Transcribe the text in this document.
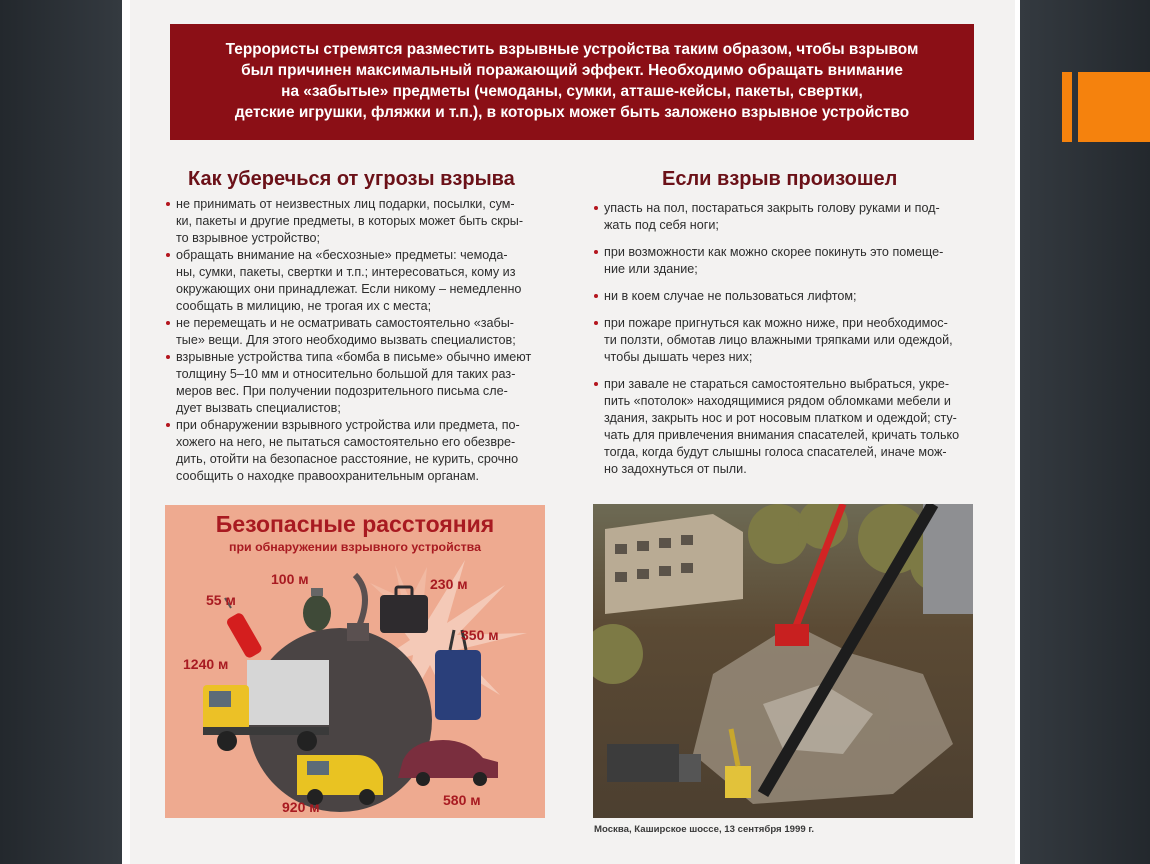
Террористы стремятся разместить взрывные устройства таким образом, чтобы взрывом
был причинен максимальный поражающий эффект. Необходимо обращать внимание
на «забытые» предметы (чемоданы, сумки, атташе-кейсы, пакеты, свертки,
детские игрушки, фляжки и т.п.), в которых может быть заложено взрывное устройство
Как уберечься от угрозы взрыва	Если взрыв произошел
не принимать от неизвестных лиц подарки, посылки, сум-
ки, пакеты и другие предметы, в которых может быть скры-
то взрывное устройство;
обращать внимание на «бесхозные» предметы: чемода-
ны, сумки, пакеты, свертки и т.п.; интересоваться, кому из
окружающих они принадлежат. Если никому – немедленно
сообщать в милицию, не трогая их с места;
не перемещать и не осматривать самостоятельно «забы-
тые» вещи. Для этого необходимо вызвать специалистов;
взрывные устройства типа «бомба в письме» обычно имеют
толщину 5–10 мм и относительно большой для таких раз-
меров вес. При получении подозрительного письма сле-
дует вызвать специалистов;
при обнаружении взрывного устройства или предмета, по-
хожего на него, не пытаться самостоятельно его обезвре-
дить, отойти на безопасное расстояние, не курить, срочно
сообщить о находке правоохранительным органам.
упасть на пол, постараться закрыть голову руками и под-
жать под себя ноги;
при возможности как можно скорее покинуть это помеще-
ние или здание;
ни в коем случае не пользоваться лифтом;
при пожаре пригнуться как можно ниже, при необходимос-
ти ползти, обмотав лицо влажными тряпками или одеждой,
чтобы дышать через них;
при завале не стараться самостоятельно выбраться, укре-
пить «потолок» находящимися рядом обломками мебели и
здания, закрыть нос и рот носовым платком и одеждой; сту-
чать для привлечения внимания спасателей, кричать только
тогда, когда будут слышны голоса спасателей, иначе мож-
но задохнуться от пыли.
Безопасные расстояния
при обнаружении взрывного устройства
55 м
100 м	230 м
350 м
1240 м
920 м	580 м
Москва, Каширское шоссе, 13 сентября 1999 г.
